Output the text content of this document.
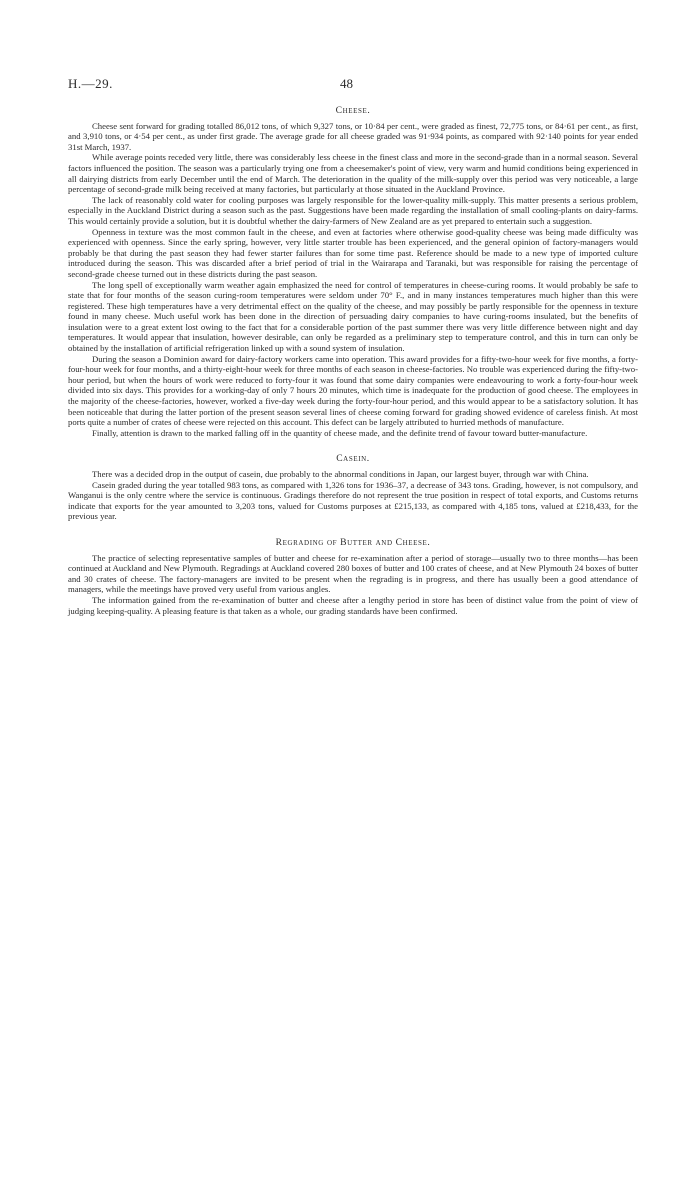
H.—29.	48
Cheese.

Cheese sent forward for grading totalled 86,012 tons, of which 9,327 tons, or 10·84 per cent., were graded as finest, 72,775 tons, or 84·61 per cent., as first, and 3,910 tons, or 4·54 per cent., as under first grade. The average grade for all cheese graded was 91·934 points, as compared with 92·140 points for year ended 31st March, 1937.

While average points receded very little, there was considerably less cheese in the finest class and more in the second-grade than in a normal season. Several factors influenced the position. The season was a particularly trying one from a cheesemaker's point of view, very warm and humid conditions being experienced in all dairying districts from early December until the end of March. The deterioration in the quality of the milk-supply over this period was very noticeable, a large percentage of second-grade milk being received at many factories, but particularly at those situated in the Auckland Province.

The lack of reasonably cold water for cooling purposes was largely responsible for the lower-quality milk-supply. This matter presents a serious problem, especially in the Auckland District during a season such as the past. Suggestions have been made regarding the installation of small cooling-plants on dairy-farms. This would certainly provide a solution, but it is doubtful whether the dairy-farmers of New Zealand are as yet prepared to entertain such a suggestion.

Openness in texture was the most common fault in the cheese, and even at factories where otherwise good-quality cheese was being made difficulty was experienced with openness. Since the early spring, however, very little starter trouble has been experienced, and the general opinion of factory-managers would probably be that during the past season they had fewer starter failures than for some time past. Reference should be made to a new type of imported culture introduced during the season. This was discarded after a brief period of trial in the Wairarapa and Taranaki, but was responsible for raising the percentage of second-grade cheese turned out in these districts during the past season.

The long spell of exceptionally warm weather again emphasized the need for control of temperatures in cheese-curing rooms. It would probably be safe to state that for four months of the season curing-room temperatures were seldom under 70° F., and in many instances temperatures much higher than this were registered. These high temperatures have a very detrimental effect on the quality of the cheese, and may possibly be partly responsible for the openness in texture found in many cheese. Much useful work has been done in the direction of persuading dairy companies to have curing-rooms insulated, but the benefits of insulation were to a great extent lost owing to the fact that for a considerable portion of the past summer there was very little difference between night and day temperatures. It would appear that insulation, however desirable, can only be regarded as a preliminary step to temperature control, and this in turn can only be obtained by the installation of artificial refrigeration linked up with a sound system of insulation.

During the season a Dominion award for dairy-factory workers came into operation. This award provides for a fifty-two-hour week for five months, a forty-four-hour week for four months, and a thirty-eight-hour week for three months of each season in cheese-factories. No trouble was experienced during the fifty-two-hour period, but when the hours of work were reduced to forty-four it was found that some dairy companies were endeavouring to work a forty-four-hour week divided into six days. This provides for a working-day of only 7 hours 20 minutes, which time is inadequate for the production of good cheese. The employees in the majority of the cheese-factories, however, worked a five-day week during the forty-four-hour period, and this would appear to be a satisfactory solution. It has been noticeable that during the latter portion of the present season several lines of cheese coming forward for grading showed evidence of careless finish. At most ports quite a number of crates of cheese were rejected on this account. This defect can be largely attributed to hurried methods of manufacture.

Finally, attention is drawn to the marked falling off in the quantity of cheese made, and the definite trend of favour toward butter-manufacture.

Casein.

There was a decided drop in the output of casein, due probably to the abnormal conditions in Japan, our largest buyer, through war with China.

Casein graded during the year totalled 983 tons, as compared with 1,326 tons for 1936–37, a decrease of 343 tons. Grading, however, is not compulsory, and Wanganui is the only centre where the service is continuous. Gradings therefore do not represent the true position in respect of total exports, and Customs returns indicate that exports for the year amounted to 3,203 tons, valued for Customs purposes at £215,133, as compared with 4,185 tons, valued at £218,433, for the previous year.

Regrading of Butter and Cheese.

The practice of selecting representative samples of butter and cheese for re-examination after a period of storage—usually two to three months—has been continued at Auckland and New Plymouth. Regradings at Auckland covered 280 boxes of butter and 100 crates of cheese, and at New Plymouth 24 boxes of butter and 30 crates of cheese. The factory-managers are invited to be present when the regrading is in progress, and there has usually been a good attendance of managers, while the meetings have proved very useful from various angles.

The information gained from the re-examination of butter and cheese after a lengthy period in store has been of distinct value from the point of view of judging keeping-quality. A pleasing feature is that taken as a whole, our grading standards have been confirmed.
